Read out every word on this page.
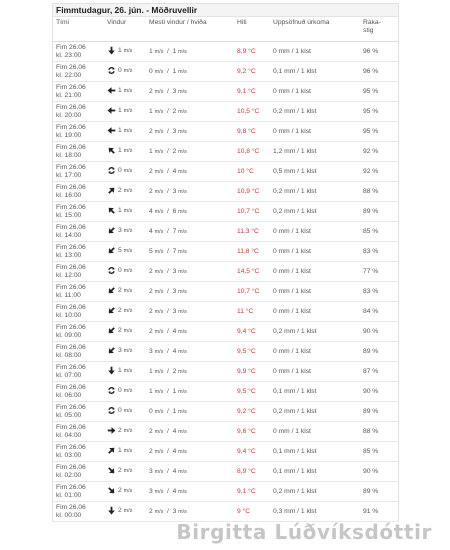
Fimmtudagur, 26. jún. - Möðruvellir
Tími	Vindur	Mesti vindur / hviða	Hiti	Uppsöfnuð úrkoma	Raka-
stig
Fim 26.06
kl. 23:00	1
m/s	1 m/s  /  1 m/s	8,9 °C	0 mm / 1 klst	96 %
Fim 26.06
kl. 22:00	0
m/s	0 m/s  /  1 m/s	9,2 °C	0,1 mm / 1 klst	96 %
Fim 26.06
kl. 21:00	1
m/s	2 m/s  /  3 m/s	9,1 °C	0 mm / 1 klst	95 %
Fim 26.06
kl. 20:00	1
m/s	1 m/s  /  2 m/s	10,5 °C	0,2 mm / 1 klst	95 %
Fim 26.06
kl. 19:00	1
m/s	2 m/s  /  3 m/s	9,8 °C	0 mm / 1 klst	95 %
Fim 26.06
kl. 18:00	1
m/s	1 m/s  /  2 m/s	10,8 °C	1,2 mm / 1 klst	92 %
Fim 26.06
kl. 17:00	0
m/s	2 m/s  /  4 m/s	10 °C	0,5 mm / 1 klst	92 %
Fim 26.06
kl. 16:00	2
m/s	2 m/s  /  3 m/s	10,9 °C	0,2 mm / 1 klst	88 %
Fim 26.06
kl. 15:00	1
m/s	4 m/s  /  6 m/s	10,7 °C	0,2 mm / 1 klst	89 %
Fim 26.06
kl. 14:00	3
m/s	4 m/s  /  7 m/s	11,3 °C	0 mm / 1 klst	85 %
Fim 26.06
kl. 13:00	5
m/s	5 m/s  /  7 m/s	11,8 °C	0 mm / 1 klst	83 %
Fim 26.06
kl. 12:00	0
m/s	2 m/s  /  3 m/s	14,5 °C	0 mm / 1 klst	77 %
Fim 26.06
kl. 11:00	2
m/s	2 m/s  /  3 m/s	10,7 °C	0 mm / 1 klst	83 %
Fim 26.06
kl. 10:00	2
m/s	2 m/s  /  3 m/s	11 °C	0 mm / 1 klst	84 %
Fim 26.06
kl. 09:00	2
m/s	2 m/s  /  4 m/s	9,4 °C	0,2 mm / 1 klst	90 %
Fim 26.06
kl. 08:00	3
m/s	3 m/s  /  4 m/s	9,5 °C	0 mm / 1 klst	89 %
Fim 26.06
kl. 07:00	1
m/s	1 m/s  /  2 m/s	9,9 °C	0 mm / 1 klst	87 %
Fim 26.06
kl. 06:00	0
m/s	1 m/s  /  1 m/s	9,5 °C	0,1 mm / 1 klst	90 %
Fim 26.06
kl. 05:00	0
m/s	0 m/s  /  1 m/s	9,2 °C	0,2 mm / 1 klst	89 %
Fim 26.06
kl. 04:00	2
m/s	2 m/s  /  4 m/s	9,6 °C	0 mm / 1 klst	88 %
Fim 26.06
kl. 03:00	1
m/s	2 m/s  /  4 m/s	9,4 °C	0,1 mm / 1 klst	85 %
Fim 26.06
kl. 02:00	2
m/s	3 m/s  /  4 m/s	8,9 °C	0,1 mm / 1 klst	90 %
Fim 26.06
kl. 01:00	2
m/s	3 m/s  /  4 m/s	9,1 °C	0,2 mm / 1 klst	89 %
Fim 26.06
kl. 00:00	2
m/s	2 m/s  /  3 m/s	9 °C	0,3 mm / 1 klst	91 %
Birgitta Lúðvíksdóttir
